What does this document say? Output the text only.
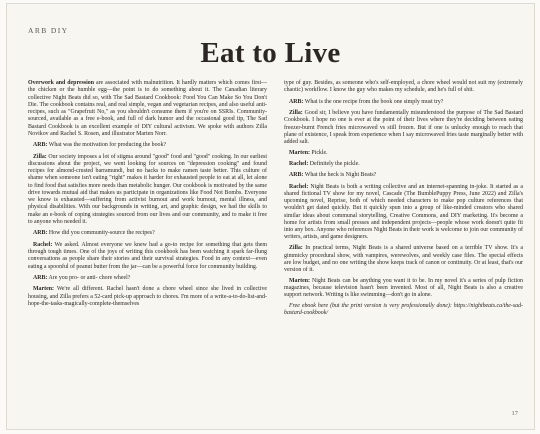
ARB DIY
Eat to Live

Overwork and depression are associated with malnutrition. It hardly matters which comes first—the chicken or the humble egg—the point is to do something about it. The Canadian literary collective Night Beats did so, with The Sad Bastard Cookbook: Food You Can Make So You Don't Die. The cookbook contains real, and real simple, vegan and vegetarian recipes, and also useful anti-recipes, such as "Grapefruit No," as you shouldn't consume them if you're on SSRIs. Community-sourced, available as a free e-book, and full of dark humor and the occasional good tip, The Sad Bastard Cookbook is an excellent example of DIY cultural activism. We spoke with authors Zilla Novikov and Rachel S. Rosen, and illustrator Marten Norr.

ARB: What was the motivation for producing the book?

Zilla: Our society imposes a lot of stigma around "good" food and "good" cooking. In our earliest discussions about the project, we went looking for sources on "depression cooking" and found recipes for almond-crusted barramundi, but no hacks to make ramen taste better. This culture of shame when someone isn't eating "right" makes it harder for exhausted people to eat at all, let alone to find food that satisfies more needs than metabolic hunger. Our cookbook is motivated by the same drive towards mutual aid that makes us participate in organizations like Food Not Bombs. Everyone we know is exhausted—suffering from activist burnout and work burnout, mental illness, and physical disabilities. With our backgrounds in writing, art, and graphic design, we had the skills to make an e-book of coping strategies sourced from our lives and our community, and to make it free to anyone who needed it.

ARB: How did you community-source the recipes?

Rachel: We asked. Almost everyone we knew had a go-to recipe for something that gets them through tough times. One of the joys of writing this cookbook has been watching it spark far-flung conversations as people share their stories and their survival strategies. Food in any context—even eating a spoonful of peanut butter from the jar—can be a powerful force for community building.

ARB: Are you pro- or anti- chore wheel?

Marten: We're all different. Rachel hasn't done a chore wheel since she lived in collective housing, and Zilla prefers a 52-card pick-up approach to chores. I'm more of a write-a-to-do-list-and-hope-the-tasks-magically-complete-themselves

type of guy. Besides, as someone who's self-employed, a chore wheel would not suit my (extremely chaotic) workflow. I know the guy who makes my schedule, and he's full of shit.

ARB: What is the one recipe from the book one simply must try?

Zilla: Good sir, I believe you have fundamentally misunderstood the purpose of The Sad Bastard Cookbook. I hope no one is ever at the point of their lives where they're deciding between eating freezer-burnt French fries microwaved vs still frozen. But if one is unlucky enough to reach that plane of existence, I speak from experience when I say microwaved fries taste marginally better with added salt.

Marten: Pickle.

Rachel: Definitely the pickle.

ARB: What the heck is Night Beats?

Rachel: Night Beats is both a writing collective and an internet-spanning in-joke. It started as a shared fictional TV show for my novel, Cascade (The BumblePuppy Press, June 2022) and Zilla's upcoming novel, Reprise, both of which needed characters to make pop culture references that wouldn't get dated quickly. But it quickly spun into a group of like-minded creators who shared similar ideas about communal storytelling, Creative Commons, and DIY marketing. It's become a home for artists from small presses and independent projects—people whose work doesn't quite fit into any box. Anyone who references Night Beats in their work is welcome to join our community of writers, artists, and game designers.

Zilla: In practical terms, Night Beats is a shared universe based on a terrible TV show. It's a gimmicky procedural show, with vampires, werewolves, and weekly case files. The special effects are low budget, and no one writing the show keeps track of canon or continuity. Or at least, that's our version of it.

Marten: Night Beats can be anything you want it to be. In my novel it's a series of pulp fiction magazines, because television hasn't been invented. Most of all, Night Beats is also a creative support network. Writing is like swimming—don't go in alone.

Free ebook here (but the print version is very professionally done): https://nightbeats.ca/the-sad-bastard-cookbook/

17
